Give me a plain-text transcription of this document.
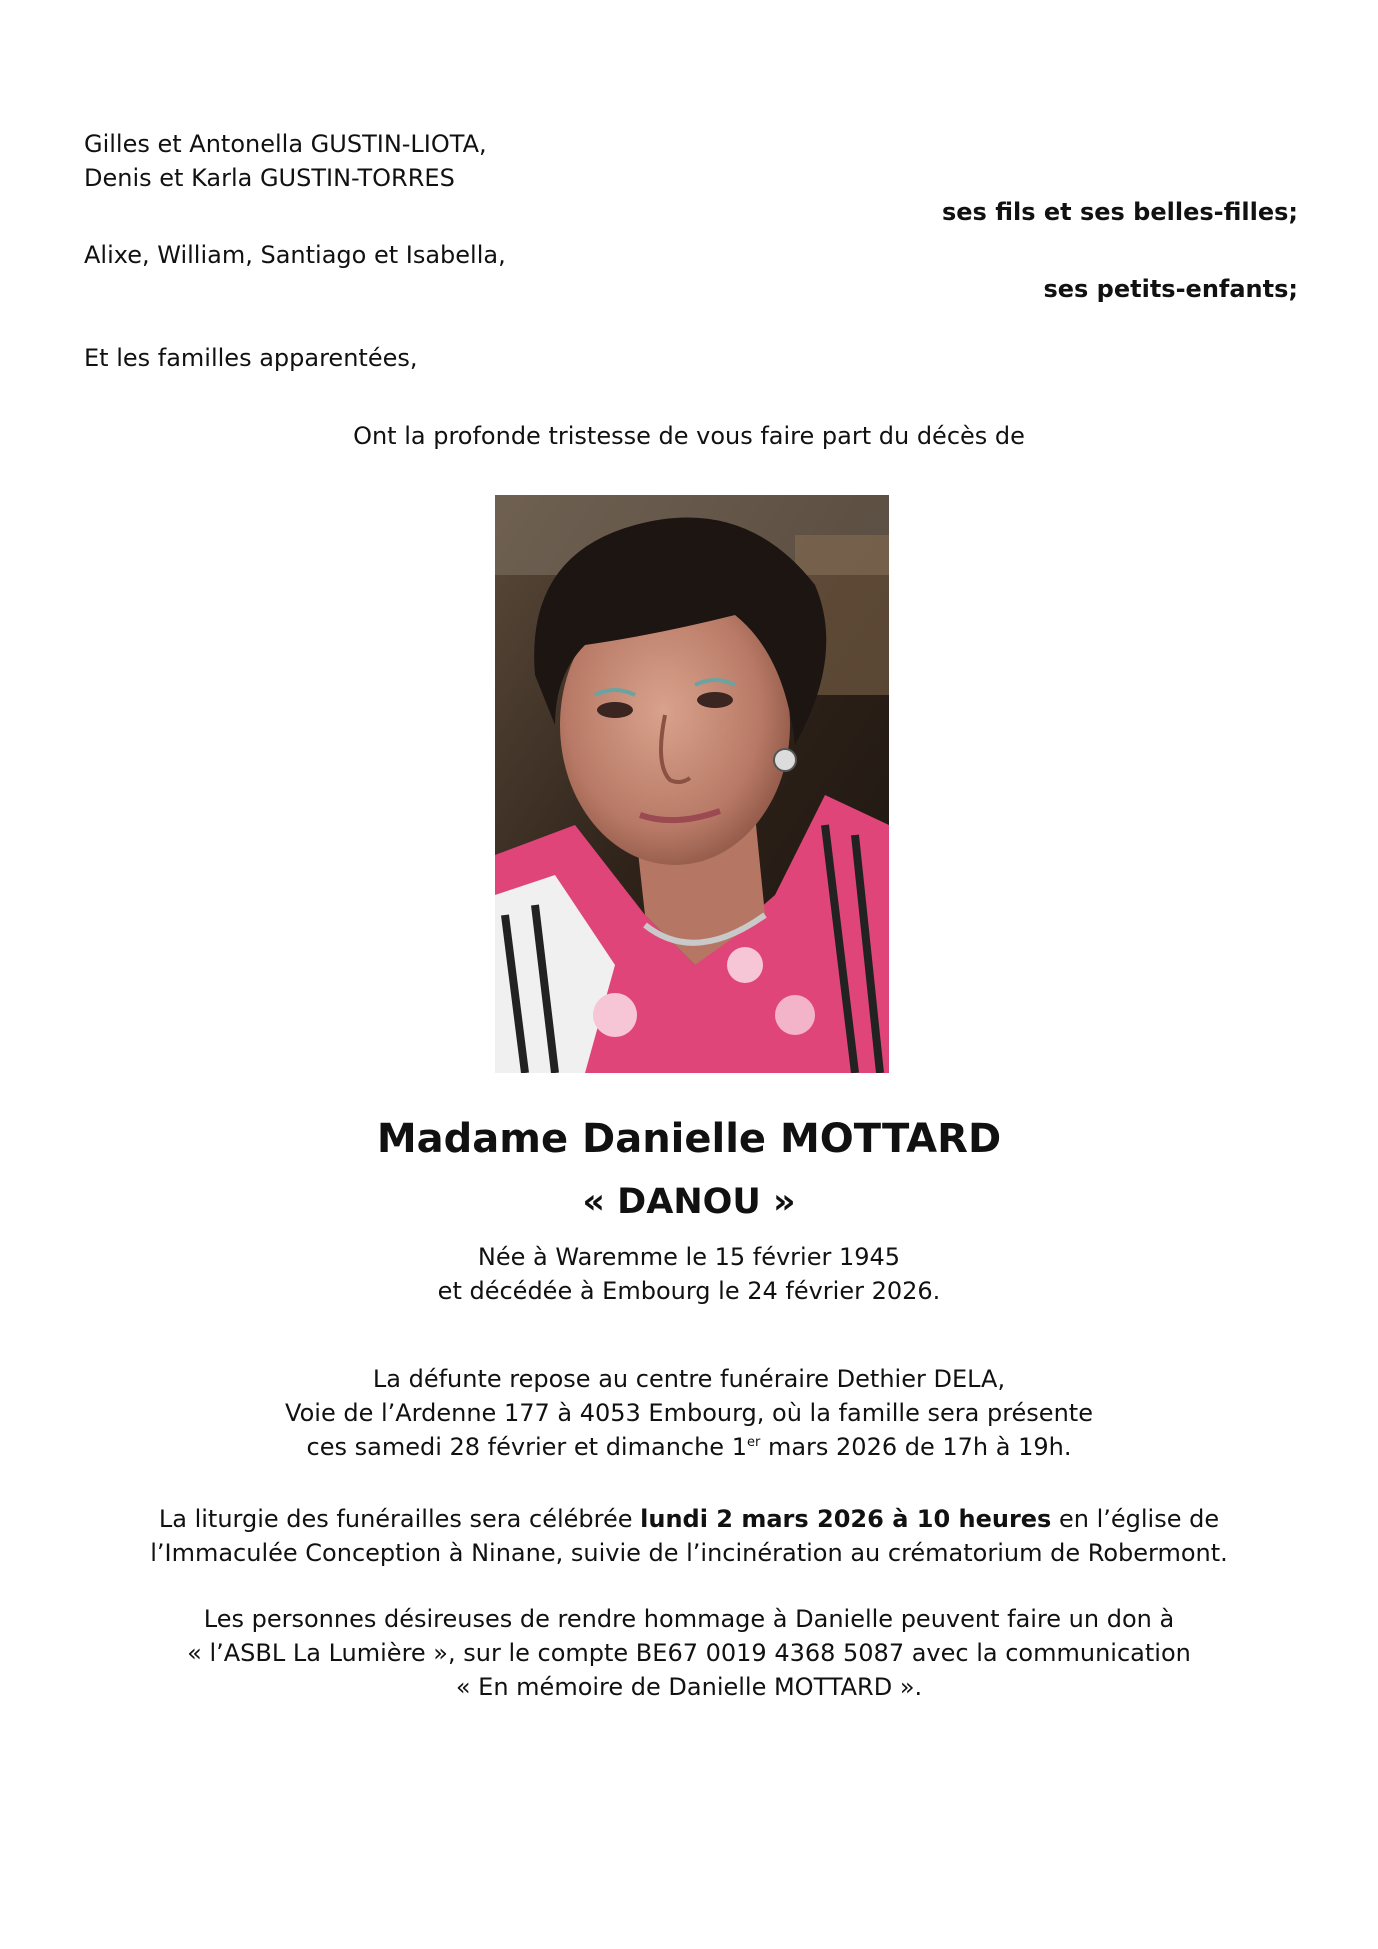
Gilles et Antonella GUSTIN-LIOTA,
Denis et Karla GUSTIN-TORRES
ses fils et ses belles-filles;
Alixe, William, Santiago et Isabella,
ses petits-enfants;
Et les familles apparentées,
Ont la profonde tristesse de vous faire part du décès de
Madame Danielle MOTTARD
« DANOU »
Née à Waremme le 15 février 1945
et décédée à Embourg le 24 février 2026.
La défunte repose au centre funéraire Dethier DELA,
Voie de l’Ardenne 177 à 4053 Embourg, où la famille sera présente
ces samedi 28 février et dimanche 1er mars 2026 de 17h à 19h.
La liturgie des funérailles sera célébrée lundi 2 mars 2026 à 10 heures en l’église de
l’Immaculée Conception à Ninane, suivie de l’incinération au crématorium de Robermont.
Les personnes désireuses de rendre hommage à Danielle peuvent faire un don à
« l’ASBL La Lumière », sur le compte BE67 0019 4368 5087 avec la communication
« En mémoire de Danielle MOTTARD ».
